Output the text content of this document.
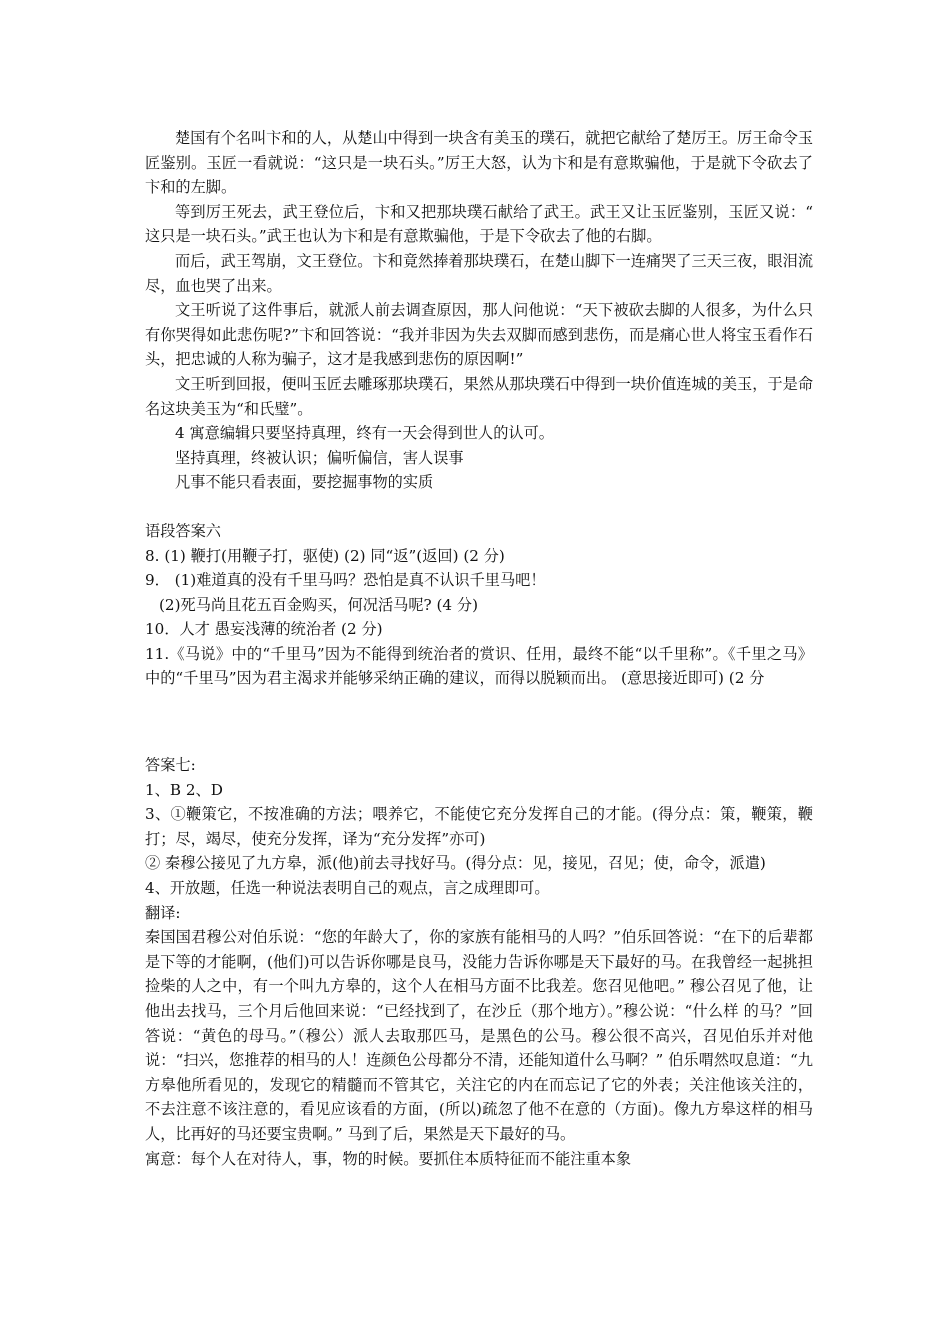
楚国有个名叫卞和的人，从楚山中得到一块含有美玉的璞石，就把它献给了楚厉王。厉王命令玉匠鉴别。玉匠一看就说：“这只是一块石头。”厉王大怒，认为卞和是有意欺骗他，于是就下令砍去了卞和的左脚。

等到厉王死去，武王登位后，卞和又把那块璞石献给了武王。武王又让玉匠鉴别，玉匠又说：“ 这只是一块石头。”武王也认为卞和是有意欺骗他，于是下令砍去了他的右脚。

而后，武王驾崩，文王登位。卞和竟然捧着那块璞石，在楚山脚下一连痛哭了三天三夜，眼泪流尽，血也哭了出来。

文王听说了这件事后，就派人前去调查原因，那人问他说：“天下被砍去脚的人很多，为什么只有你哭得如此悲伤呢?”卞和回答说：“我并非因为失去双脚而感到悲伤，而是痛心世人将宝玉看作石头，把忠诚的人称为骗子，这才是我感到悲伤的原因啊!”

文王听到回报，便叫玉匠去雕琢那块璞石，果然从那块璞石中得到一块价值连城的美玉，于是命名这块美玉为“和氏璧”。

4 寓意编辑只要坚持真理，终有一天会得到世人的认可。

坚持真理，终被认识；偏听偏信，害人误事

凡事不能只看表面，要挖掘事物的实质

语段答案六

8. (1) 鞭打(用鞭子打，驱使) (2) 同“返”(返回) (2 分)

9． (1)难道真的没有千里马吗？恐怕是真不认识千里马吧！

(2)死马尚且花五百金购买，何况活马呢? (4 分)

10．人才 愚妄浅薄的统治者 (2 分)

11.《马说》中的“千里马”因为不能得到统治者的赏识、任用，最终不能“以千里称”。《千里之马》中的“千里马”因为君主渴求并能够采纳正确的建议，而得以脱颖而出。 (意思接近即可) (2 分

答案七:

1、B 2、D

3、①鞭策它，不按准确的方法；喂养它，不能使它充分发挥自己的才能。(得分点：策，鞭策，鞭打；尽，竭尽，使充分发挥，译为“充分发挥”亦可)

② 秦穆公接见了九方皋，派(他)前去寻找好马。(得分点：见，接见，召见；使，命令，派遣)

4、开放题，任选一种说法表明自己的观点，言之成理即可。

翻译:

秦国国君穆公对伯乐说：“您的年龄大了，你的家族有能相马的人吗？”伯乐回答说：“在下的后辈都是下等的才能啊，(他们)可以告诉你哪是良马，没能力告诉你哪是天下最好的马。在我曾经一起挑担捡柴的人之中，有一个叫九方皋的，这个人在相马方面不比我差。您召见他吧。” 穆公召见了他，让他出去找马，三个月后他回来说：“已经找到了，在沙丘（那个地方）。”穆公说：“什么样 的马？”回答说：“黄色的母马。”（穆公）派人去取那匹马，是黑色的公马。穆公很不高兴，召见伯乐并对他说：“扫兴，您推荐的相马的人！连颜色公母都分不清，还能知道什么马啊？” 伯乐喟然叹息道：“九方皋他所看见的，发现它的精髓而不管其它，关注它的内在而忘记了它的外表；关注他该关注的，不去注意不该注意的，看见应该看的方面，(所以)疏忽了他不在意的（方面)。像九方皋这样的相马人，比再好的马还要宝贵啊。” 马到了后，果然是天下最好的马。

寓意：每个人在对待人，事，物的时候。要抓住本质特征而不能注重本象
